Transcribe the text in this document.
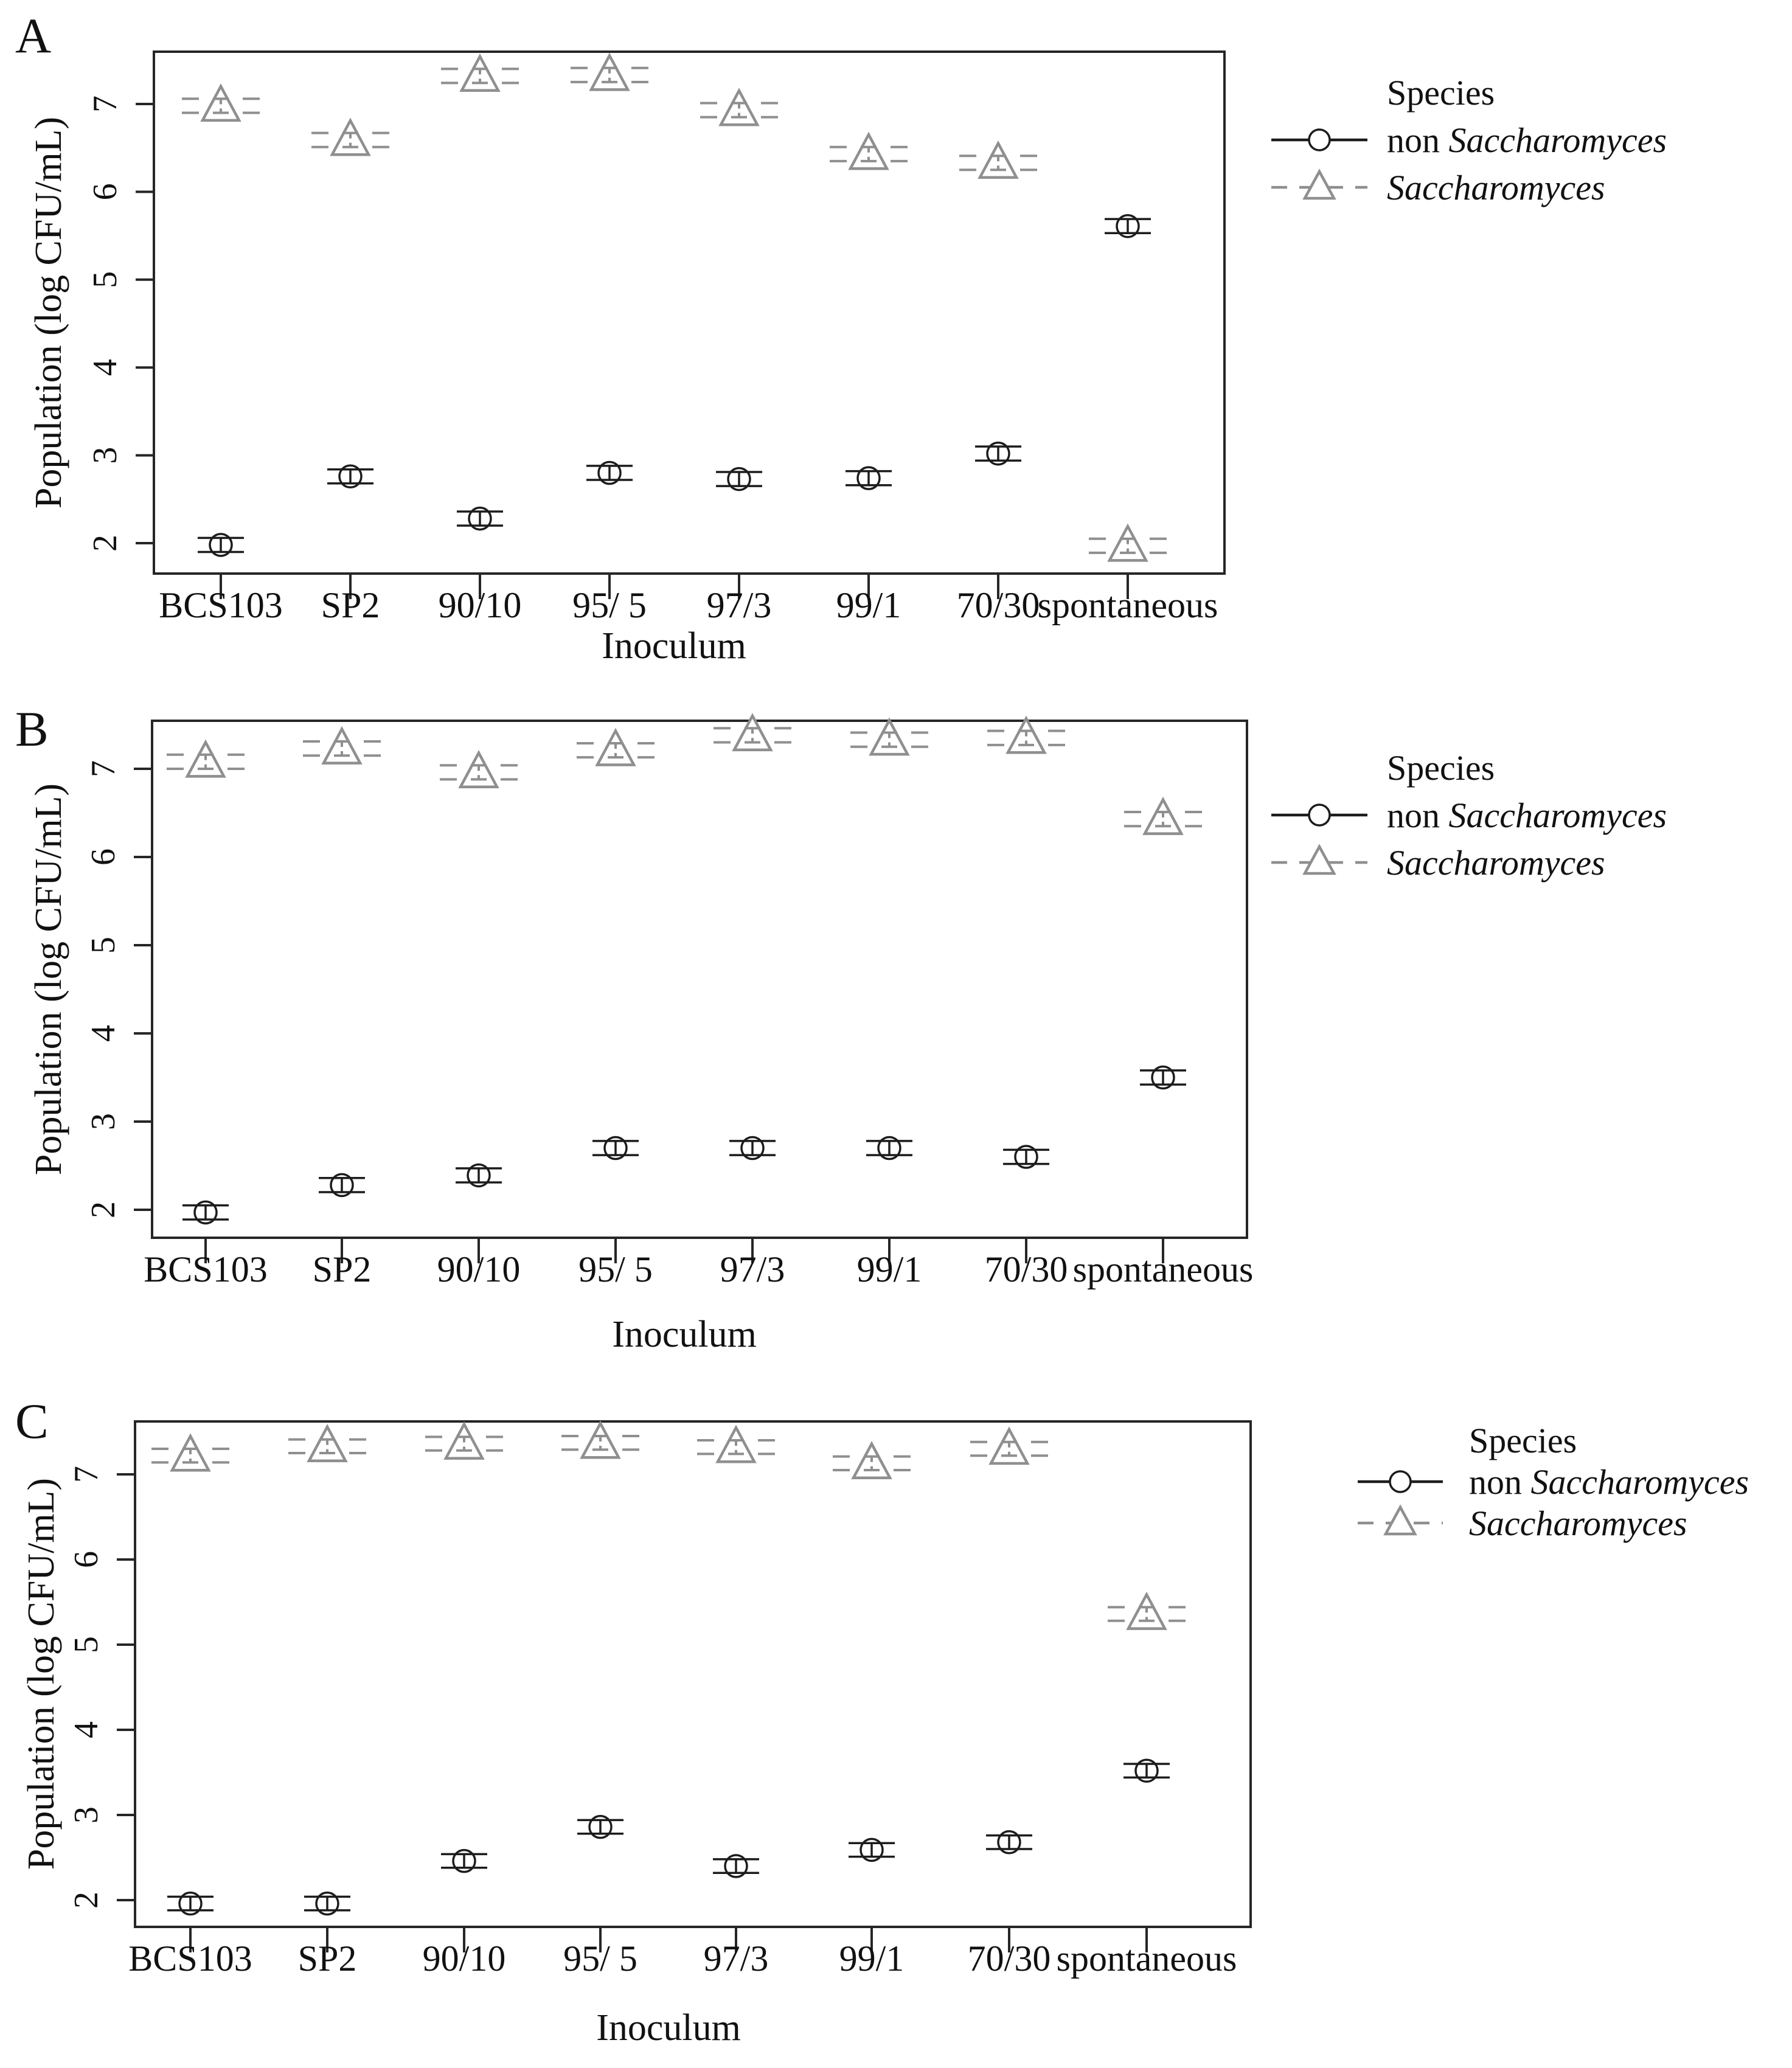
A
B
C
2
3
4
5
6
7
BCS103 SP2 90/10 95/ 5 97/3 99/1 70/30
spontaneous
Inoculum
Population (log CFU/mL)
Species
non Saccharomyces
Saccharomyces
2
3
4
5
6
7
BCS103 SP2 90/10 95/ 5 97/3 99/1 70/30 spontaneous
Inoculum
Population (log CFU/mL)
Species
non Saccharomyces
Saccharomyces
2
3
4
5
6
7
BCS103 SP2 90/10 95/ 5 97/3 99/1 70/30 spontaneous
Inoculum
Population (log CFU/mL)
Species
non Saccharomyces
Saccharomyces
